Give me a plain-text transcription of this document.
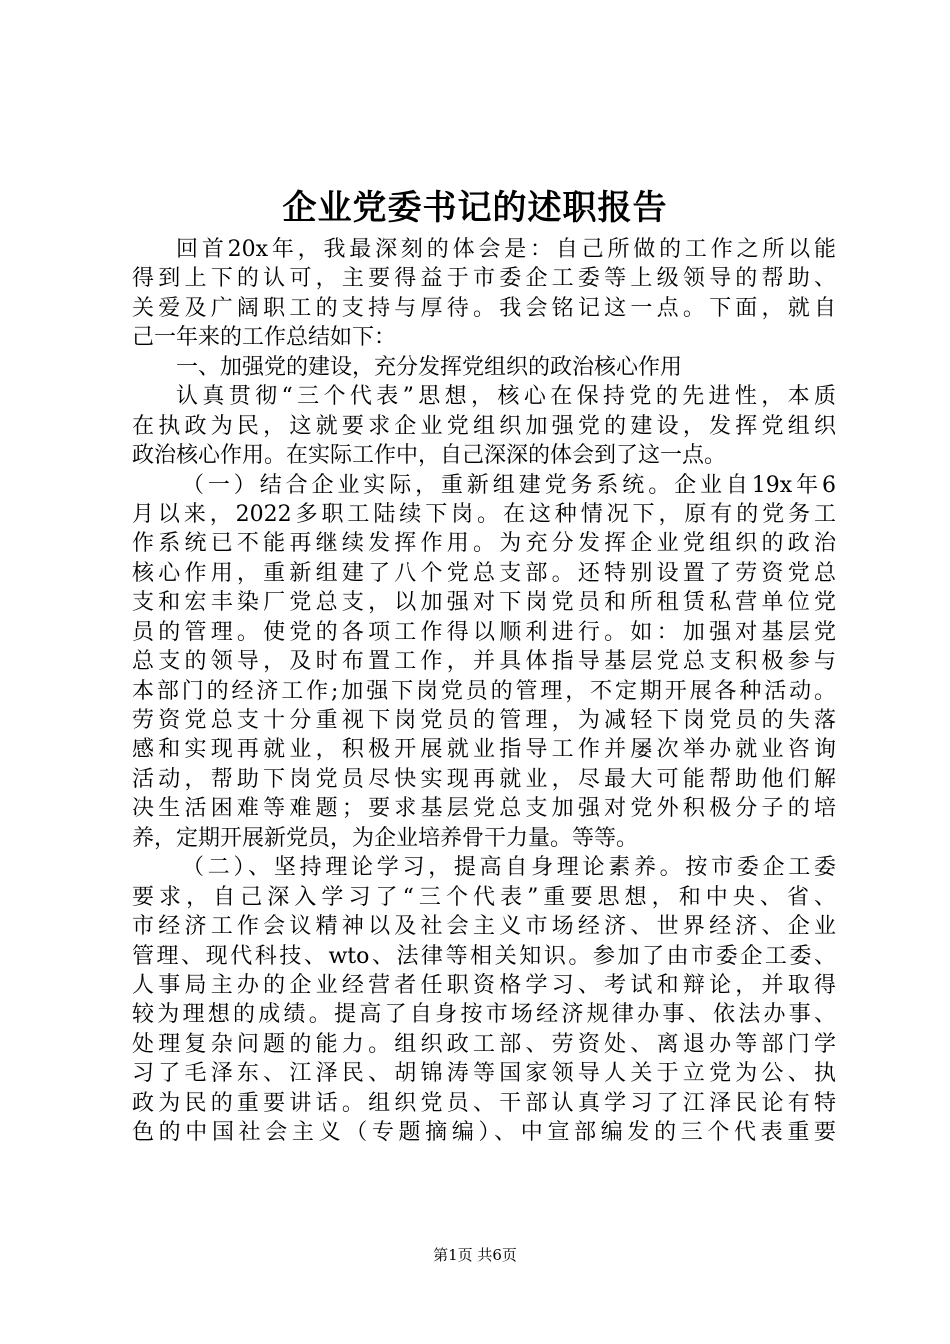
企业党委书记的述职报告
回首20x年，我最深刻的体会是：自己所做的工作之所以能
得到上下的认可，主要得益于市委企工委等上级领导的帮助、
关爱及广阔职工的支持与厚待。我会铭记这一点。下面，就自
己一年来的工作总结如下：
一、加强党的建设，充分发挥党组织的政治核心作用
认真贯彻“三个代表”思想，核心在保持党的先进性，本质
在执政为民，这就要求企业党组织加强党的建设，发挥党组织
政治核心作用。在实际工作中，自己深深的体会到了这一点。
（一）结合企业实际，重新组建党务系统。企业自19x年6
月以来，2022多职工陆续下岗。在这种情况下，原有的党务工
作系统已不能再继续发挥作用。为充分发挥企业党组织的政治
核心作用，重新组建了八个党总支部。还特别设置了劳资党总
支和宏丰染厂党总支，以加强对下岗党员和所租赁私营单位党
员的管理。使党的各项工作得以顺利进行。如：加强对基层党
总支的领导，及时布置工作，并具体指导基层党总支积极参与
本部门的经济工作;加强下岗党员的管理，不定期开展各种活动。
劳资党总支十分重视下岗党员的管理，为减轻下岗党员的失落
感和实现再就业，积极开展就业指导工作并屡次举办就业咨询
活动，帮助下岗党员尽快实现再就业，尽最大可能帮助他们解
决生活困难等难题；要求基层党总支加强对党外积极分子的培
养，定期开展新党员，为企业培养骨干力量。等等。
（二）、坚持理论学习，提高自身理论素养。按市委企工委
要求，自己深入学习了“三个代表”重要思想，和中央、省、
市经济工作会议精神以及社会主义市场经济、世界经济、企业
管理、现代科技、wto、法律等相关知识。参加了由市委企工委、
人事局主办的企业经营者任职资格学习、考试和辩论，并取得
较为理想的成绩。提高了自身按市场经济规律办事、依法办事、
处理复杂问题的能力。组织政工部、劳资处、离退办等部门学
习了毛泽东、江泽民、胡锦涛等国家领导人关于立党为公、执
政为民的重要讲话。组织党员、干部认真学习了江泽民论有特
色的中国社会主义（专题摘编）、中宣部编发的三个代表重要
第1页 共6页
